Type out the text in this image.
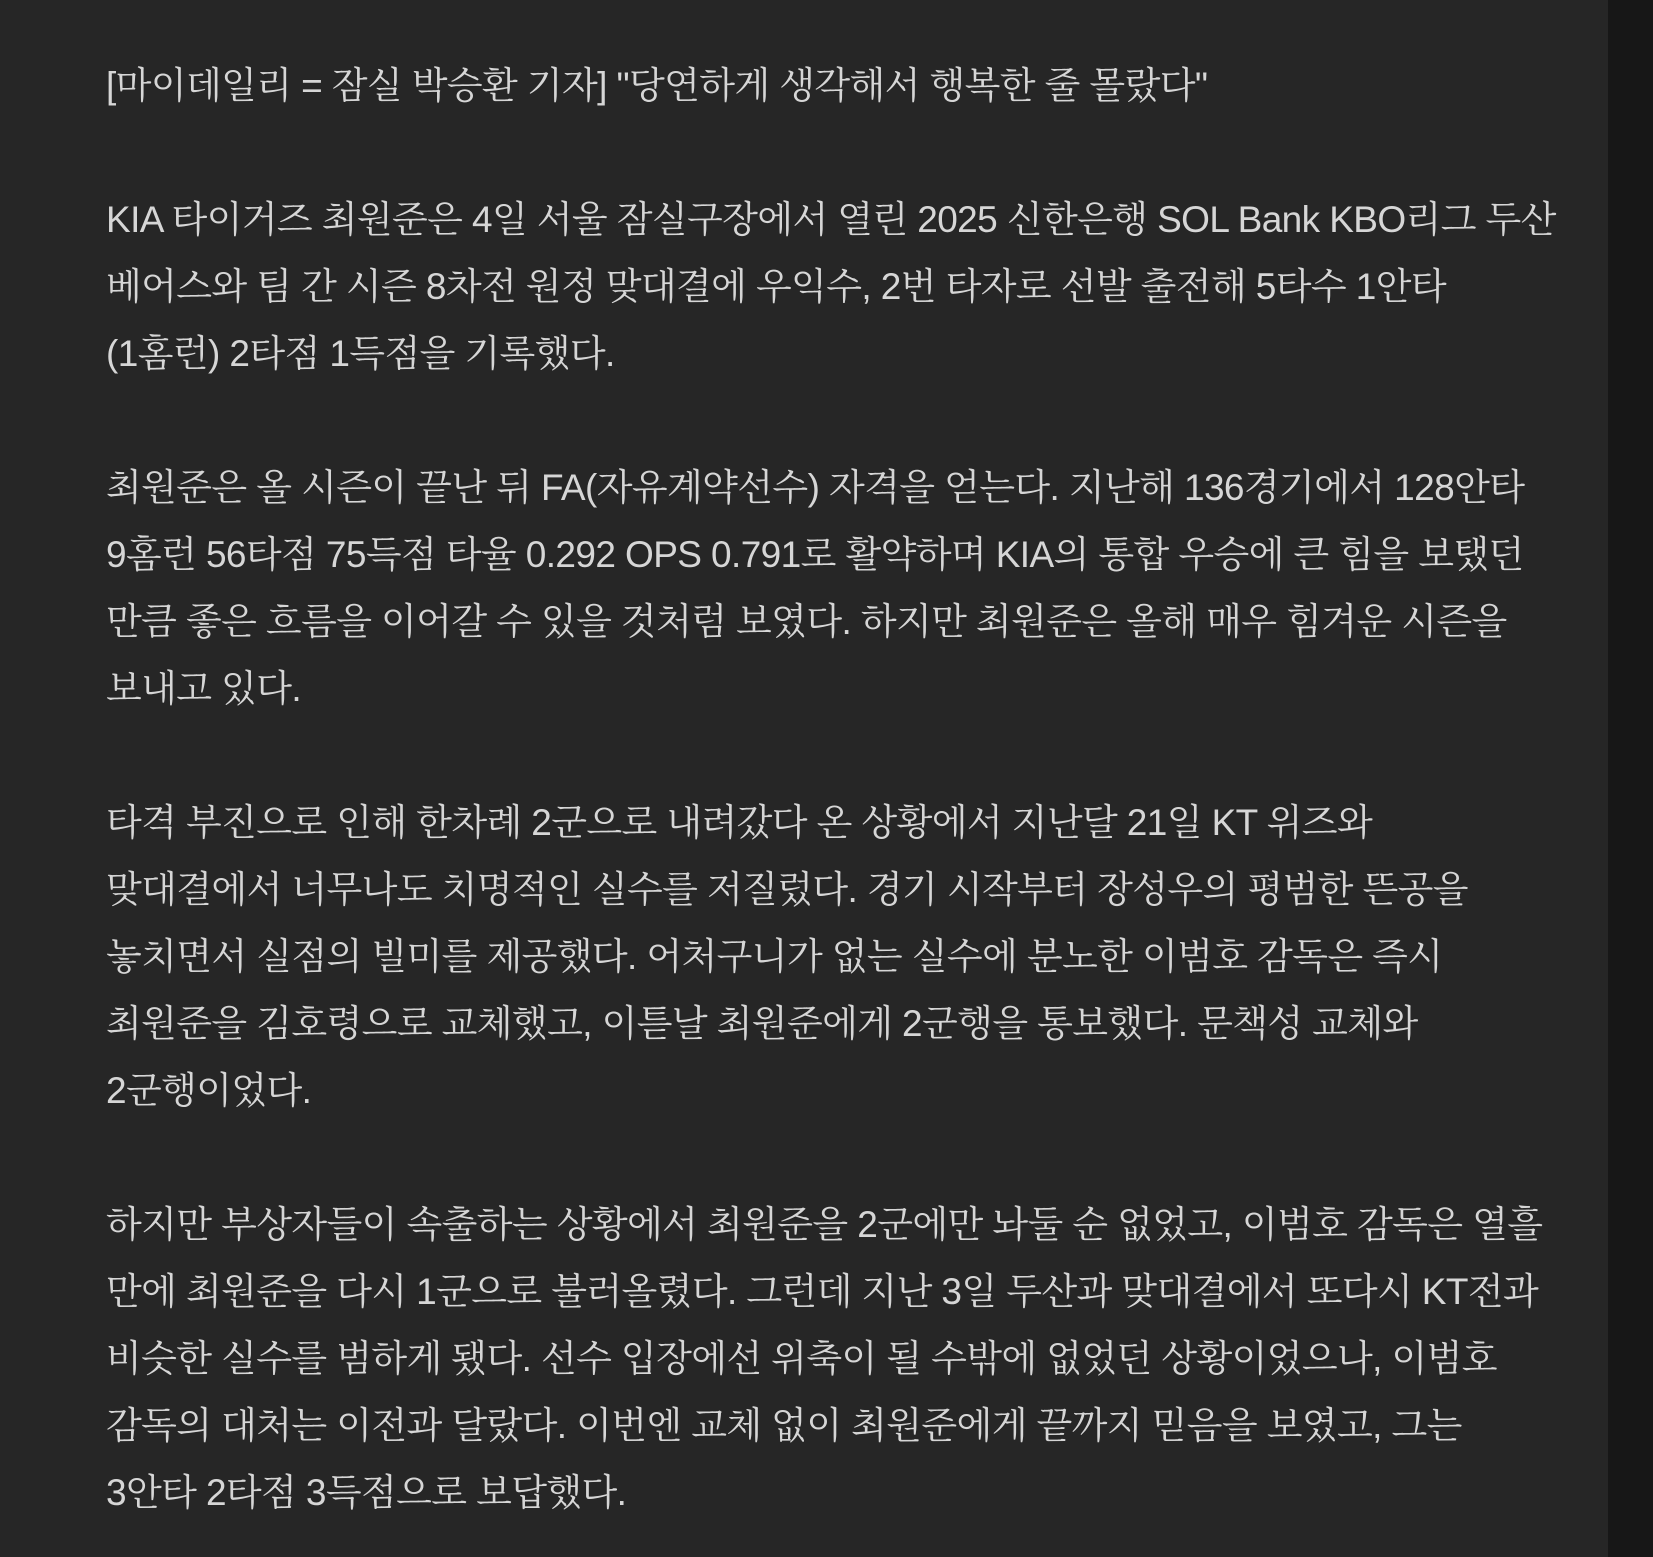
[마이데일리 = 잠실 박승환 기자] "당연하게 생각해서 행복한 줄 몰랐다"

KIA 타이거즈 최원준은 4일 서울 잠실구장에서 열린 2025 신한은행 SOL Bank KBO리그 두산 베어스와 팀 간 시즌 8차전 원정 맞대결에 우익수, 2번 타자로 선발 출전해 5타수 1안타(1홈런) 2타점 1득점을 기록했다.

최원준은 올 시즌이 끝난 뒤 FA(자유계약선수) 자격을 얻는다. 지난해 136경기에서 128안타 9홈런 56타점 75득점 타율 0.292 OPS 0.791로 활약하며 KIA의 통합 우승에 큰 힘을 보탰던 만큼 좋은 흐름을 이어갈 수 있을 것처럼 보였다. 하지만 최원준은 올해 매우 힘겨운 시즌을 보내고 있다.

타격 부진으로 인해 한차례 2군으로 내려갔다 온 상황에서 지난달 21일 KT 위즈와 맞대결에서 너무나도 치명적인 실수를 저질렀다. 경기 시작부터 장성우의 평범한 뜬공을 놓치면서 실점의 빌미를 제공했다. 어처구니가 없는 실수에 분노한 이범호 감독은 즉시 최원준을 김호령으로 교체했고, 이튿날 최원준에게 2군행을 통보했다. 문책성 교체와 2군행이었다.

하지만 부상자들이 속출하는 상황에서 최원준을 2군에만 놔둘 순 없었고, 이범호 감독은 열흘 만에 최원준을 다시 1군으로 불러올렸다. 그런데 지난 3일 두산과 맞대결에서 또다시 KT전과 비슷한 실수를 범하게 됐다. 선수 입장에선 위축이 될 수밖에 없었던 상황이었으나, 이범호 감독의 대처는 이전과 달랐다. 이번엔 교체 없이 최원준에게 끝까지 믿음을 보였고, 그는 3안타 2타점 3득점으로 보답했다.
